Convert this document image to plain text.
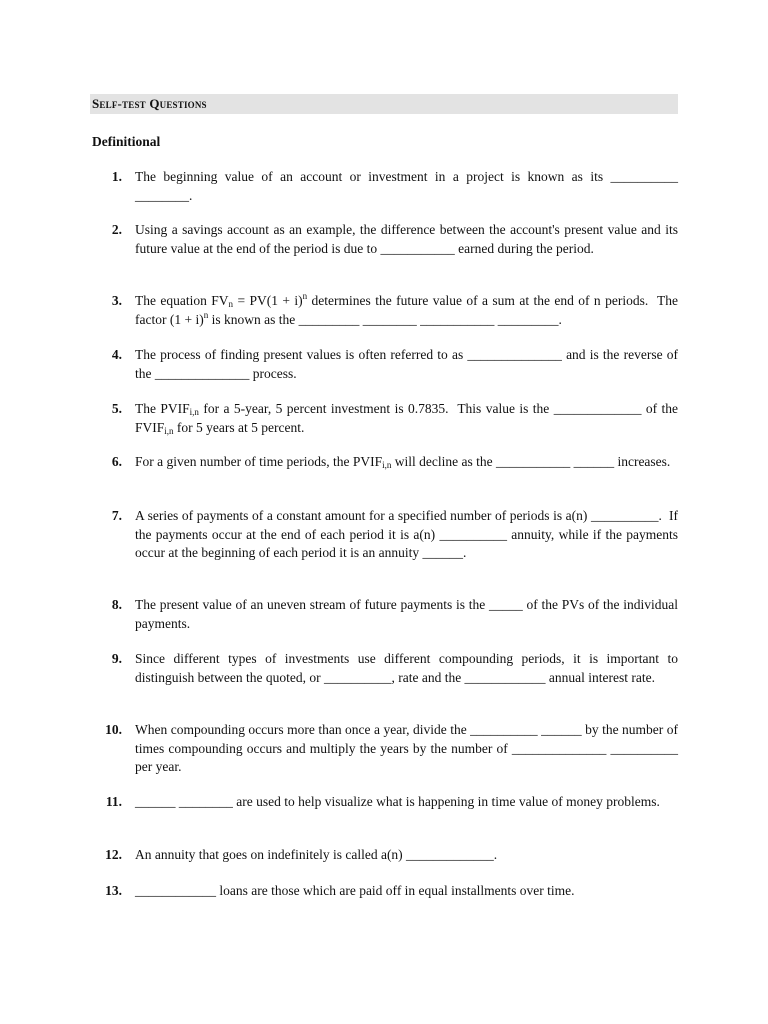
Self-test Questions
Definitional
1. The beginning value of an account or investment in a project is known as its __________ ________.
2. Using a savings account as an example, the difference between the account's present value and its future value at the end of the period is due to ___________ earned during the period.
3. The equation $FV_n = PV(1 + i)^n$ determines the future value of a sum at the end of n periods.  The factor $(1 + i)^n$ is known as the _________ ________ ___________ _________.
4. The process of finding present values is often referred to as ______________ and is the reverse of the ______________ process.
5. The $PVIF_{i,n}$ for a 5-year, 5 percent investment is 0.7835.  This value is the _____________ of the $FVIF_{i,n}$ for 5 years at 5 percent.
6. For a given number of time periods, the $PVIF_{i,n}$ will decline as the ___________ ______ increases.
7. A series of payments of a constant amount for a specified number of periods is a(n) __________.  If the payments occur at the end of each period it is a(n) __________ annuity, while if the payments occur at the beginning of each period it is an annuity ______.
8. The present value of an uneven stream of future payments is the _____ of the PVs of the individual payments.
9. Since different types of investments use different compounding periods, it is important to distinguish between the quoted, or __________, rate and the ____________ annual interest rate.
10. When compounding occurs more than once a year, divide the __________ ______ by the number of times compounding occurs and multiply the years by the number of ______________ __________ per year.
11. ______ ________ are used to help visualize what is happening in time value of money problems.
12. An annuity that goes on indefinitely is called a(n) _____________.
13. ____________ loans are those which are paid off in equal installments over time.
